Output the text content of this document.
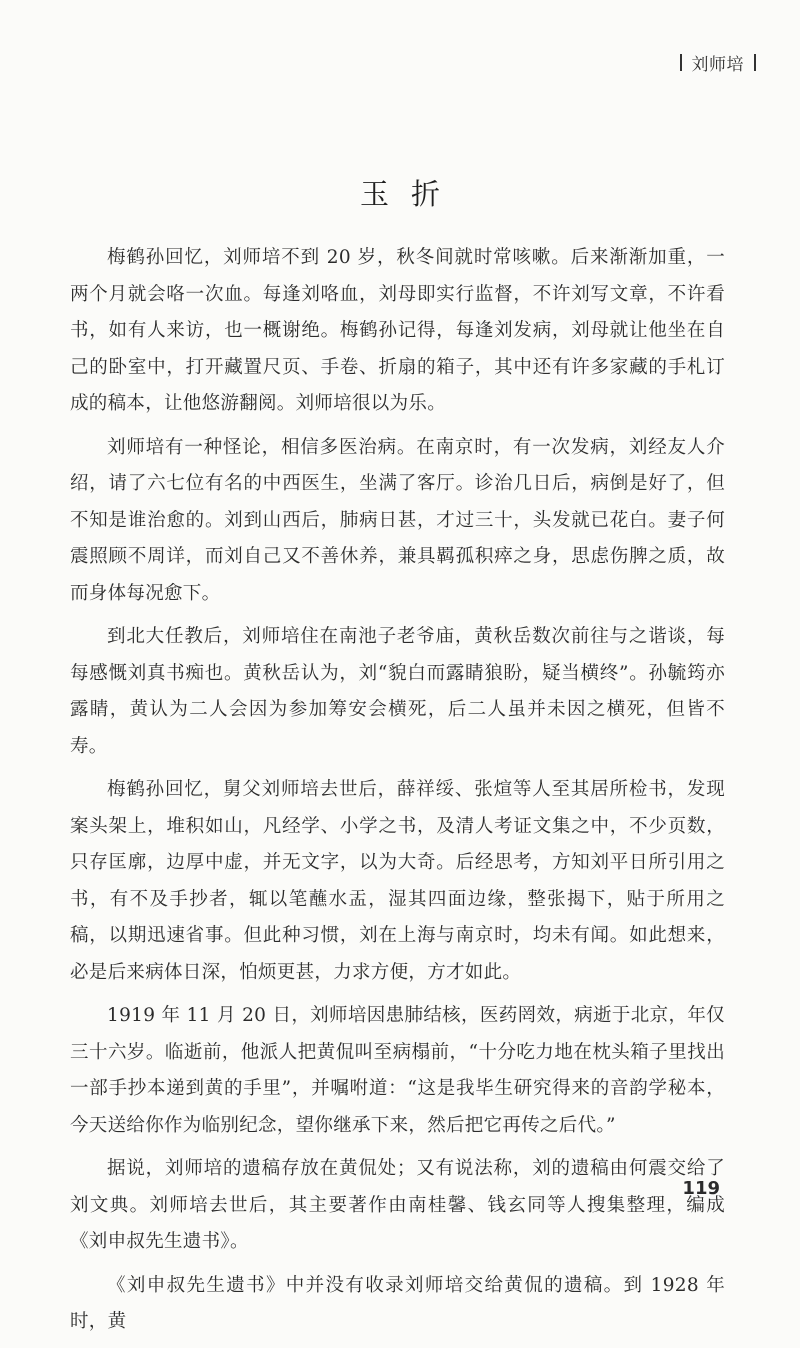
刘师培
玉折

梅鹤孙回忆，刘师培不到 20 岁，秋冬间就时常咳嗽。后来渐渐加重，一两个月就会咯一次血。每逢刘咯血，刘母即实行监督，不许刘写文章，不许看书，如有人来访，也一概谢绝。梅鹤孙记得，每逢刘发病，刘母就让他坐在自己的卧室中，打开藏置尺页、手卷、折扇的箱子，其中还有许多家藏的手札订成的稿本，让他悠游翻阅。刘师培很以为乐。

刘师培有一种怪论，相信多医治病。在南京时，有一次发病，刘经友人介绍，请了六七位有名的中西医生，坐满了客厅。诊治几日后，病倒是好了，但不知是谁治愈的。刘到山西后，肺病日甚，才过三十，头发就已花白。妻子何震照顾不周详，而刘自己又不善休养，兼具羁孤积瘁之身，思虑伤脾之质，故而身体每况愈下。

到北大任教后，刘师培住在南池子老爷庙，黄秋岳数次前往与之谐谈，每每感慨刘真书痴也。黄秋岳认为，刘“貌白而露睛狼盼，疑当横终”。孙毓筠亦露睛，黄认为二人会因为参加筹安会横死，后二人虽并未因之横死，但皆不寿。

梅鹤孙回忆，舅父刘师培去世后，薛祥绥、张煊等人至其居所检书，发现案头架上，堆积如山，凡经学、小学之书，及清人考证文集之中，不少页数，只存匡廓，边厚中虚，并无文字，以为大奇。后经思考，方知刘平日所引用之书，有不及手抄者，辄以笔蘸水盂，湿其四面边缘，整张揭下，贴于所用之稿，以期迅速省事。但此种习惯，刘在上海与南京时，均未有闻。如此想来，必是后来病体日深，怕烦更甚，力求方便，方才如此。

1919 年 11 月 20 日，刘师培因患肺结核，医药罔效，病逝于北京，年仅三十六岁。临逝前，他派人把黄侃叫至病榻前，“十分吃力地在枕头箱子里找出一部手抄本递到黄的手里”，并嘱咐道：“这是我毕生研究得来的音韵学秘本，今天送给你作为临别纪念，望你继承下来，然后把它再传之后代。”

据说，刘师培的遗稿存放在黄侃处；又有说法称，刘的遗稿由何震交给了刘文典。刘师培去世后，其主要著作由南桂馨、钱玄同等人搜集整理，编成《刘申叔先生遗书》。

《刘申叔先生遗书》中并没有收录刘师培交给黄侃的遗稿。到 1928 年时，黄

119
